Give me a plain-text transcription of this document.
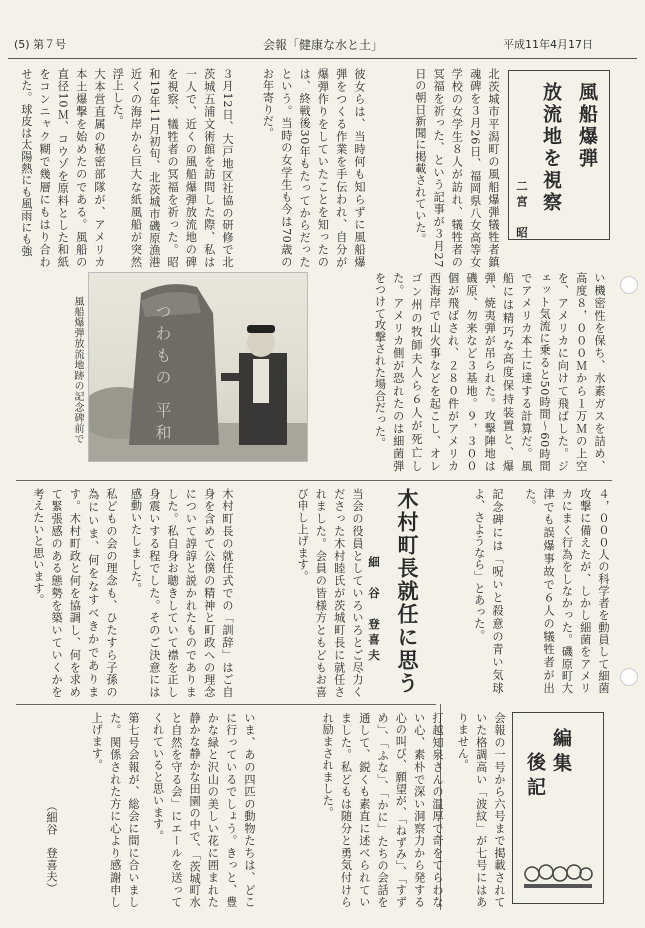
(5) 第７号	会報「健康な水と土」	平成11年4月17日
風船爆弾
放流地を視察
二宮　昭
北茨城市平潟町の風船爆弾犠牲者鎮魂碑を３月26日、福岡県八女高等女学校の女学生８人が訪れ、犠牲者の冥福を祈った、という記事が３月27日の朝日新聞に掲載されていた。
彼女らは、当時何も知らずに風船爆弾をつくる作業を手伝われ、自分が爆弾作りをしていたことを知ったのは、終戦後30年もたってからだったという。当時の女学生も今は70歳のお年寄りだ。
３月12日、大戸地区社協の研修で北茨城五浦文術館を訪問した際、私は一人で、近くの風船爆弾放流地の碑を視察、犠牲者の冥福を祈った。昭和19年11月初旬、北茨城市磯原漁港近くの海岸から巨大な紙風船が突然浮上した。
大本営直属の秘密部隊が、アメリカ本土爆撃を始めたのである。風船の直径10Ｍ、コウゾを原料とした和紙をコンニャク糊で幾層にもはり合わせた。球皮は太陽熱にも風雨にも強
つわもの 平和
風船爆弾放流地跡の記念碑前で	い機密性を保ち、水素ガスを詰め、高度８，０００Ｍから１万Ｍの上空を、アメリカに向けて飛ばした。ジェット気流に乗ると50時間〜60時間でアメリカ本土に達する計算だ。風船には精巧な高度保持装置と、爆弾、焼夷弾が吊られた。攻撃陣地は磯原、勿来など３基地。９，３００個が飛ばされ、２８０件がアメリカ西海岸で山火事などを起こし、オレゴン州の牧師夫人ら６人が死亡した。アメリカ側が恐れたのは細菌弾をつけて攻撃された場合だった。
４，０００人の科学者を動員して細菌攻撃に備えたが、しかし細菌をアメリカにまく行為をしなかった。磯原町大津でも誤爆事故で６人の犠牲者が出た。
記念碑には「呪いと殺意の青い気球よ、さようなら」とあった。
木村町長就任に思う
細　谷　登喜夫
当会の役員としていろいろとご尽力くださった木村睦氏が茨城町長に就任されました。会員の皆様方ともどもお喜び申し上げます。
木村町長の就任式での「訓辞」はご自身を含めて公僕の精神と町政への理念について諄諄と説かれたものでありました。私自身お聴きしていて襟を正し身震いする程でした。そのご決意には感動いたしました。
私どもの会の理念も、ひたすら子孫の為にいま、何をなすべきかであります。木村町政と何を協調し、何を求めて緊張感のある態勢を築いていくかを考えたいと思います。
編集
後記
会報の一号から六号まで掲載されていた格調高い「波紋」が七号にはありません。
打越知泉さんの温厚で奇をてらわない心、素朴で深い洞察力から発する心の叫び、願望が、「ねずみ」、「すずめ」、「ふな」、「かに」たちの会話を通して、鋭くも素直に述べられていました。私どもは随分と勇気付けられ励まされました。
いま、あの四匹の動物たちは、どこに行っているでしょう。きっと、豊かな緑と沢山の美しい花に囲まれた静かな静かな田園の中で、「茨城町水と自然を守る会」にエールを送ってくれていると思います。
第七号会報が、総会に間に合いました。関係された方に心より感謝申し上げます。
（細谷　登喜夫）
